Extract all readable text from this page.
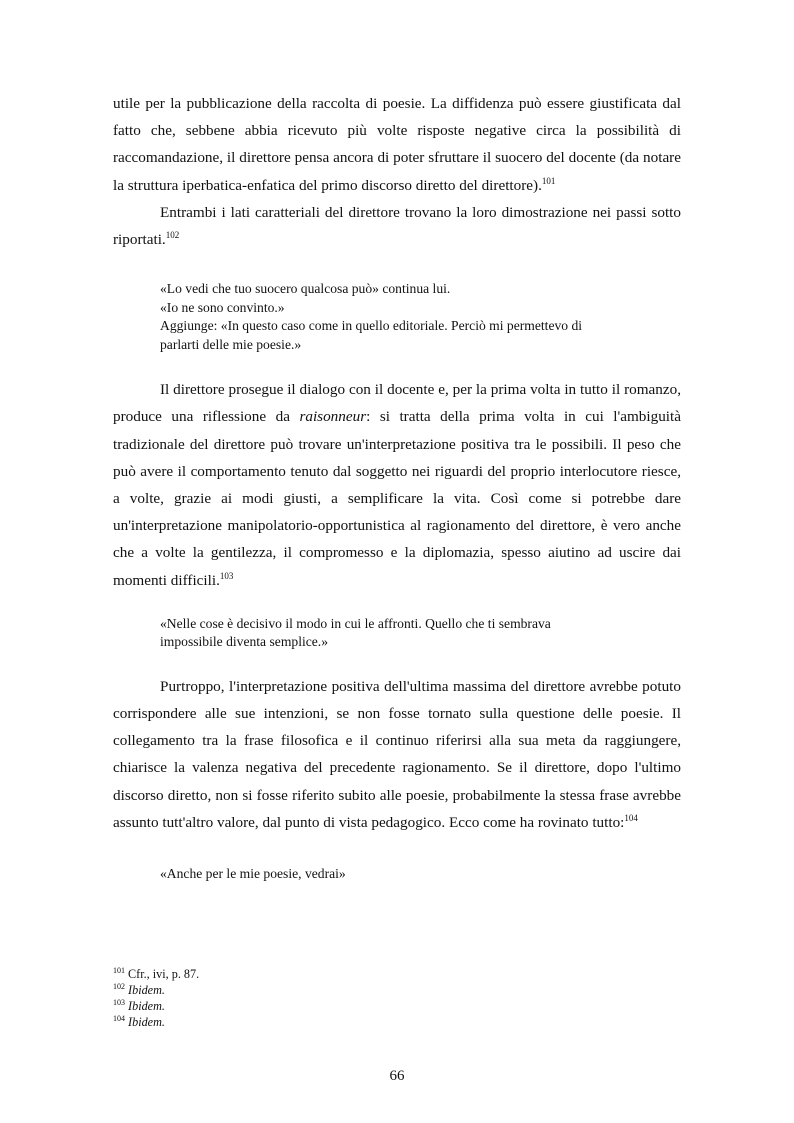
utile per la pubblicazione della raccolta di poesie. La diffidenza può essere giustificata dal fatto che, sebbene abbia ricevuto più volte risposte negative circa la possibilità di raccomandazione, il direttore pensa ancora di poter sfruttare il suocero del docente (da notare la struttura iperbatica-enfatica del primo discorso diretto del direttore).$^{101}$

Entrambi i lati caratteriali del direttore trovano la loro dimostrazione nei passi sotto riportati.$^{102}$

«Lo vedi che tuo suocero qualcosa può» continua lui.
«Io ne sono convinto.»
Aggiunge: «In questo caso come in quello editoriale. Perciò mi permettevo di
parlarti delle mie poesie.»

Il direttore prosegue il dialogo con il docente e, per la prima volta in tutto il romanzo, produce una riflessione da raisonneur: si tratta della prima volta in cui l'ambiguità tradizionale del direttore può trovare un'interpretazione positiva tra le possibili. Il peso che può avere il comportamento tenuto dal soggetto nei riguardi del proprio interlocutore riesce, a volte, grazie ai modi giusti, a semplificare la vita. Così come si potrebbe dare un'interpretazione manipolatorio-opportunistica al ragionamento del direttore, è vero anche che a volte la gentilezza, il compromesso e la diplomazia, spesso aiutino ad uscire dai momenti difficili.$^{103}$

«Nelle cose è decisivo il modo in cui le affronti. Quello che ti sembrava
impossibile diventa semplice.»

Purtroppo, l'interpretazione positiva dell'ultima massima del direttore avrebbe potuto corrispondere alle sue intenzioni, se non fosse tornato sulla questione delle poesie. Il collegamento tra la frase filosofica e il continuo riferirsi alla sua meta da raggiungere, chiarisce la valenza negativa del precedente ragionamento. Se il direttore, dopo l'ultimo discorso diretto, non si fosse riferito subito alle poesie, probabilmente la stessa frase avrebbe assunto tutt'altro valore, dal punto di vista pedagogico. Ecco come ha rovinato tutto:$^{104}$

«Anche per le mie poesie, vedrai»
$^{101}$ Cfr., ivi, p. 87.
$^{102}$ Ibidem.
$^{103}$ Ibidem.
$^{104}$ Ibidem.
66
